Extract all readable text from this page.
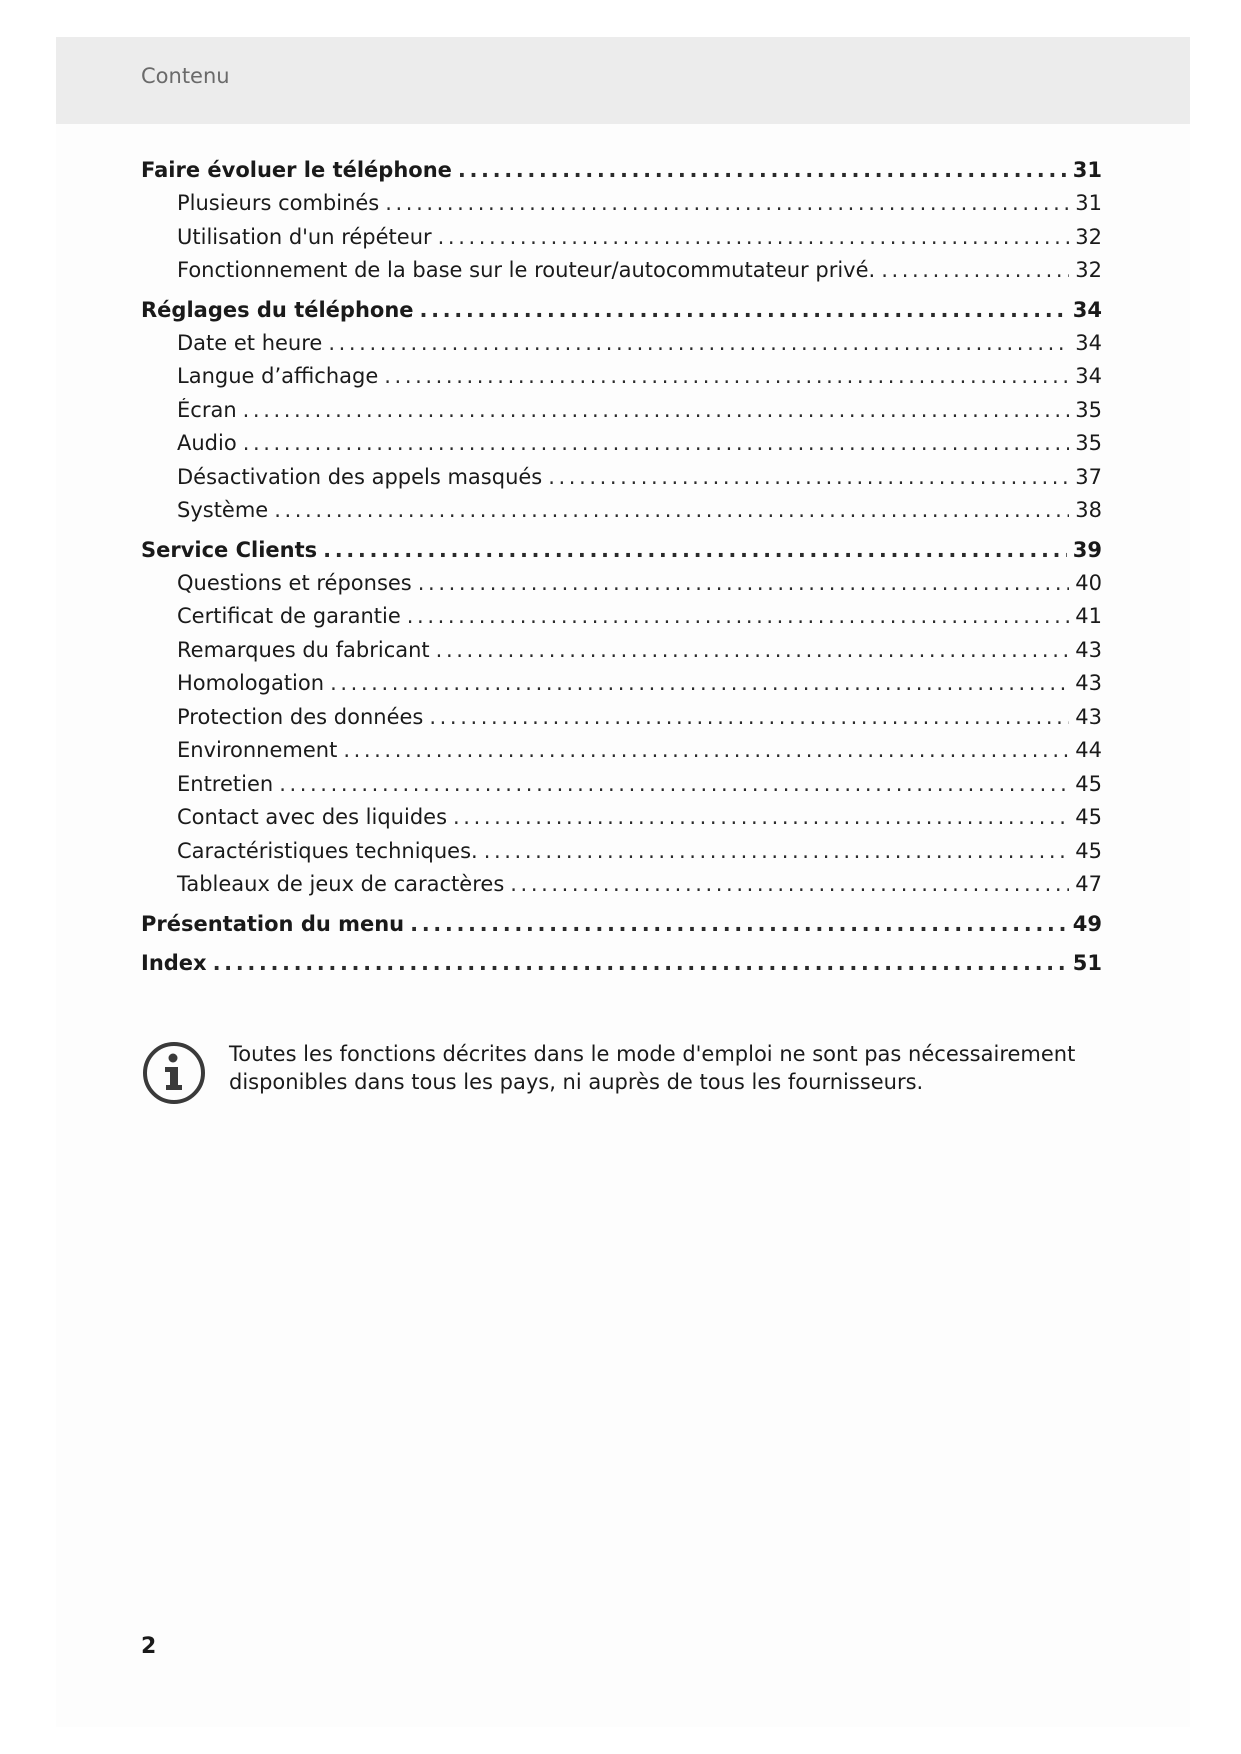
Contenu
Faire évoluer le téléphone .....	31
Plusieurs combinés .....	31
Utilisation d'un répéteur .....	32
Fonctionnement de la base sur le routeur/autocommutateur privé. .....	32
Réglages du téléphone .....	34
Date et heure .....	34
Langue d’affichage .....	34
Écran .....	35
Audio .....	35
Désactivation des appels masqués .....	37
Système .....	38
Service Clients .....	39
Questions et réponses .....	40
Certificat de garantie .....	41
Remarques du fabricant .....	43
Homologation .....	43
Protection des données .....	43
Environnement .....	44
Entretien .....	45
Contact avec des liquides .....	45
Caractéristiques techniques. .....	45
Tableaux de jeux de caractères .....	47
Présentation du menu .....	49
Index .....	51
Toutes les fonctions décrites dans le mode d'emploi ne sont pas nécessairement
disponibles dans tous les pays, ni auprès de tous les fournisseurs.
2
